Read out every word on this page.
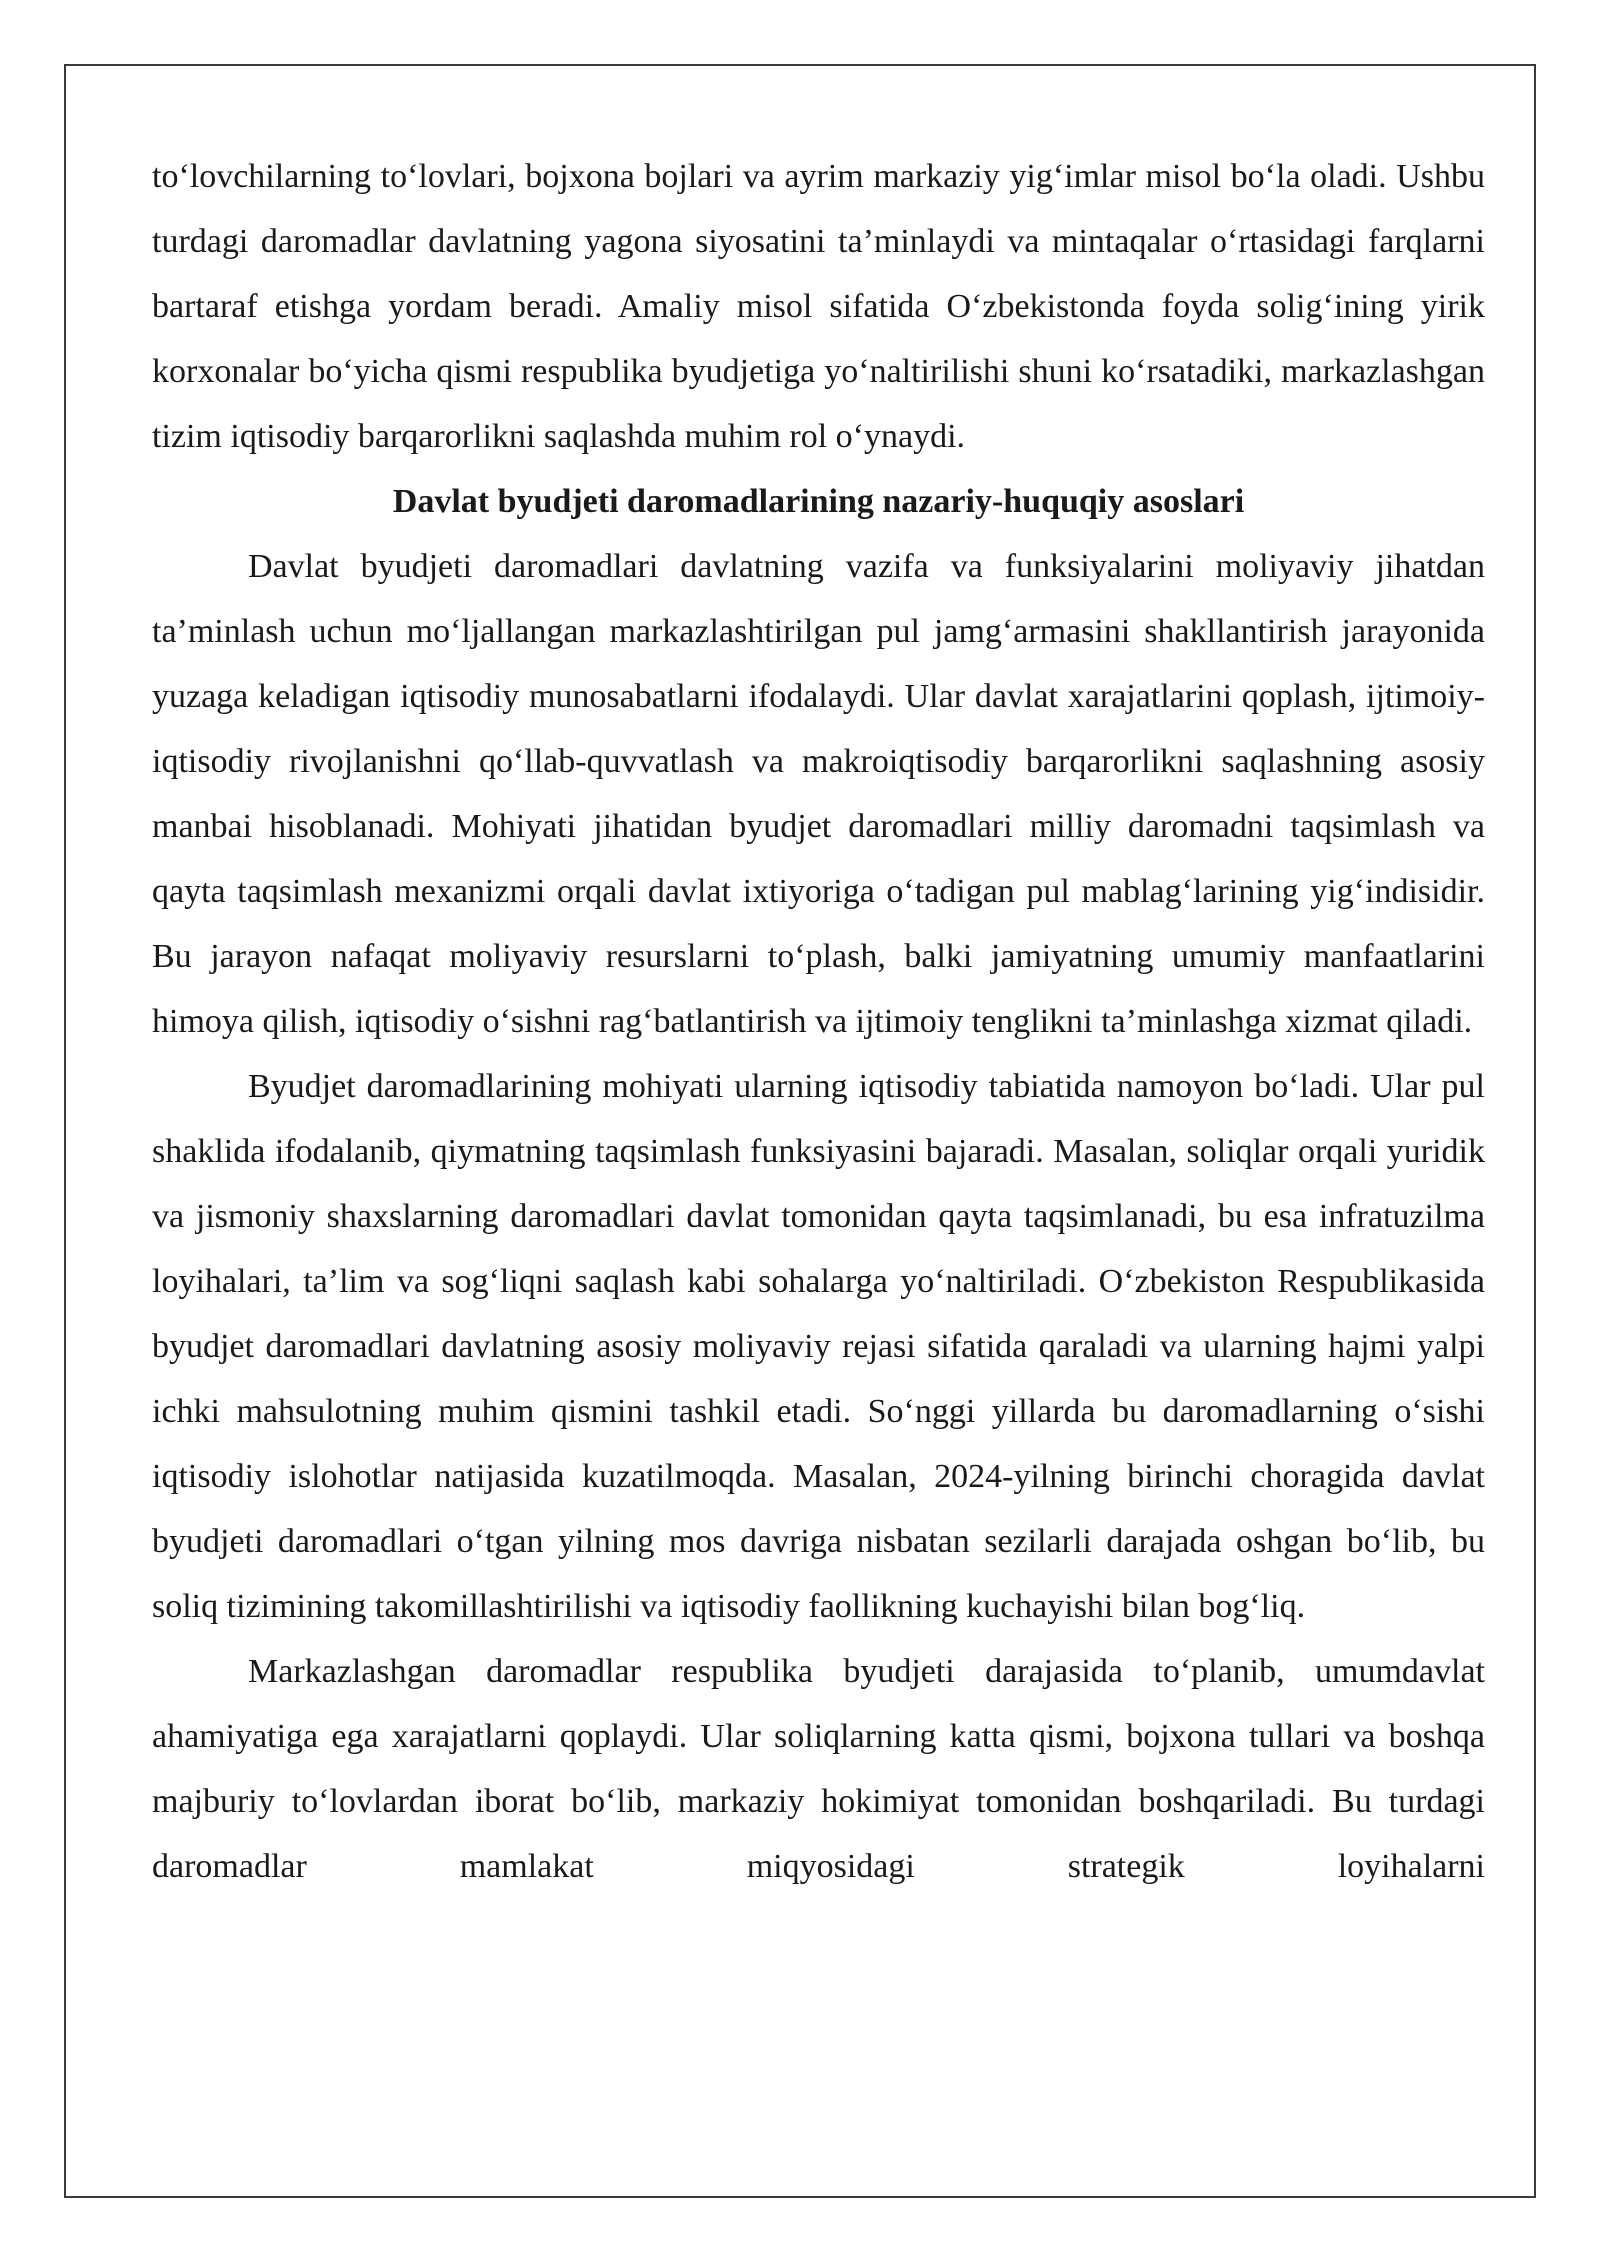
to‘lovchilarning to‘lovlari, bojxona bojlari va ayrim markaziy yig‘imlar misol bo‘la oladi. Ushbu turdagi daromadlar davlatning yagona siyosatini ta’minlaydi va mintaqalar o‘rtasidagi farqlarni bartaraf etishga yordam beradi. Amaliy misol sifatida O‘zbekistonda foyda solig‘ining yirik korxonalar bo‘yicha qismi respublika byudjetiga yo‘naltirilishi shuni ko‘rsatadiki, markazlashgan tizim iqtisodiy barqarorlikni saqlashda muhim rol o‘ynaydi.

Davlat byudjeti daromadlarining nazariy-huquqiy asoslari

Davlat byudjeti daromadlari davlatning vazifa va funksiyalarini moliyaviy jihatdan ta’minlash uchun mo‘ljallangan markazlashtirilgan pul jamg‘armasini shakllantirish jarayonida yuzaga keladigan iqtisodiy munosabatlarni ifodalaydi. Ular davlat xarajatlarini qoplash, ijtimoiy-iqtisodiy rivojlanishni qo‘llab-quvvatlash va makroiqtisodiy barqarorlikni saqlashning asosiy manbai hisoblanadi. Mohiyati jihatidan byudjet daromadlari milliy daromadni taqsimlash va qayta taqsimlash mexanizmi orqali davlat ixtiyoriga o‘tadigan pul mablag‘larining yig‘indisidir. Bu jarayon nafaqat moliyaviy resurslarni to‘plash, balki jamiyatning umumiy manfaatlarini himoya qilish, iqtisodiy o‘sishni rag‘batlantirish va ijtimoiy tenglikni ta’minlashga xizmat qiladi.

Byudjet daromadlarining mohiyati ularning iqtisodiy tabiatida namoyon bo‘ladi. Ular pul shaklida ifodalanib, qiymatning taqsimlash funksiyasini bajaradi. Masalan, soliqlar orqali yuridik va jismoniy shaxslarning daromadlari davlat tomonidan qayta taqsimlanadi, bu esa infratuzilma loyihalari, ta’lim va sog‘liqni saqlash kabi sohalarga yo‘naltiriladi. O‘zbekiston Respublikasida byudjet daromadlari davlatning asosiy moliyaviy rejasi sifatida qaraladi va ularning hajmi yalpi ichki mahsulotning muhim qismini tashkil etadi. So‘nggi yillarda bu daromadlarning o‘sishi iqtisodiy islohotlar natijasida kuzatilmoqda. Masalan, 2024-yilning birinchi choragida davlat byudjeti daromadlari o‘tgan yilning mos davriga nisbatan sezilarli darajada oshgan bo‘lib, bu soliq tizimining takomillashtirilishi va iqtisodiy faollikning kuchayishi bilan bog‘liq.

Markazlashgan daromadlar respublika byudjeti darajasida to‘planib, umumdavlat ahamiyatiga ega xarajatlarni qoplaydi. Ular soliqlarning katta qismi, bojxona tullari va boshqa majburiy to‘lovlardan iborat bo‘lib, markaziy hokimiyat tomonidan boshqariladi. Bu turdagi daromadlar mamlakat miqyosidagi strategik loyihalarni
